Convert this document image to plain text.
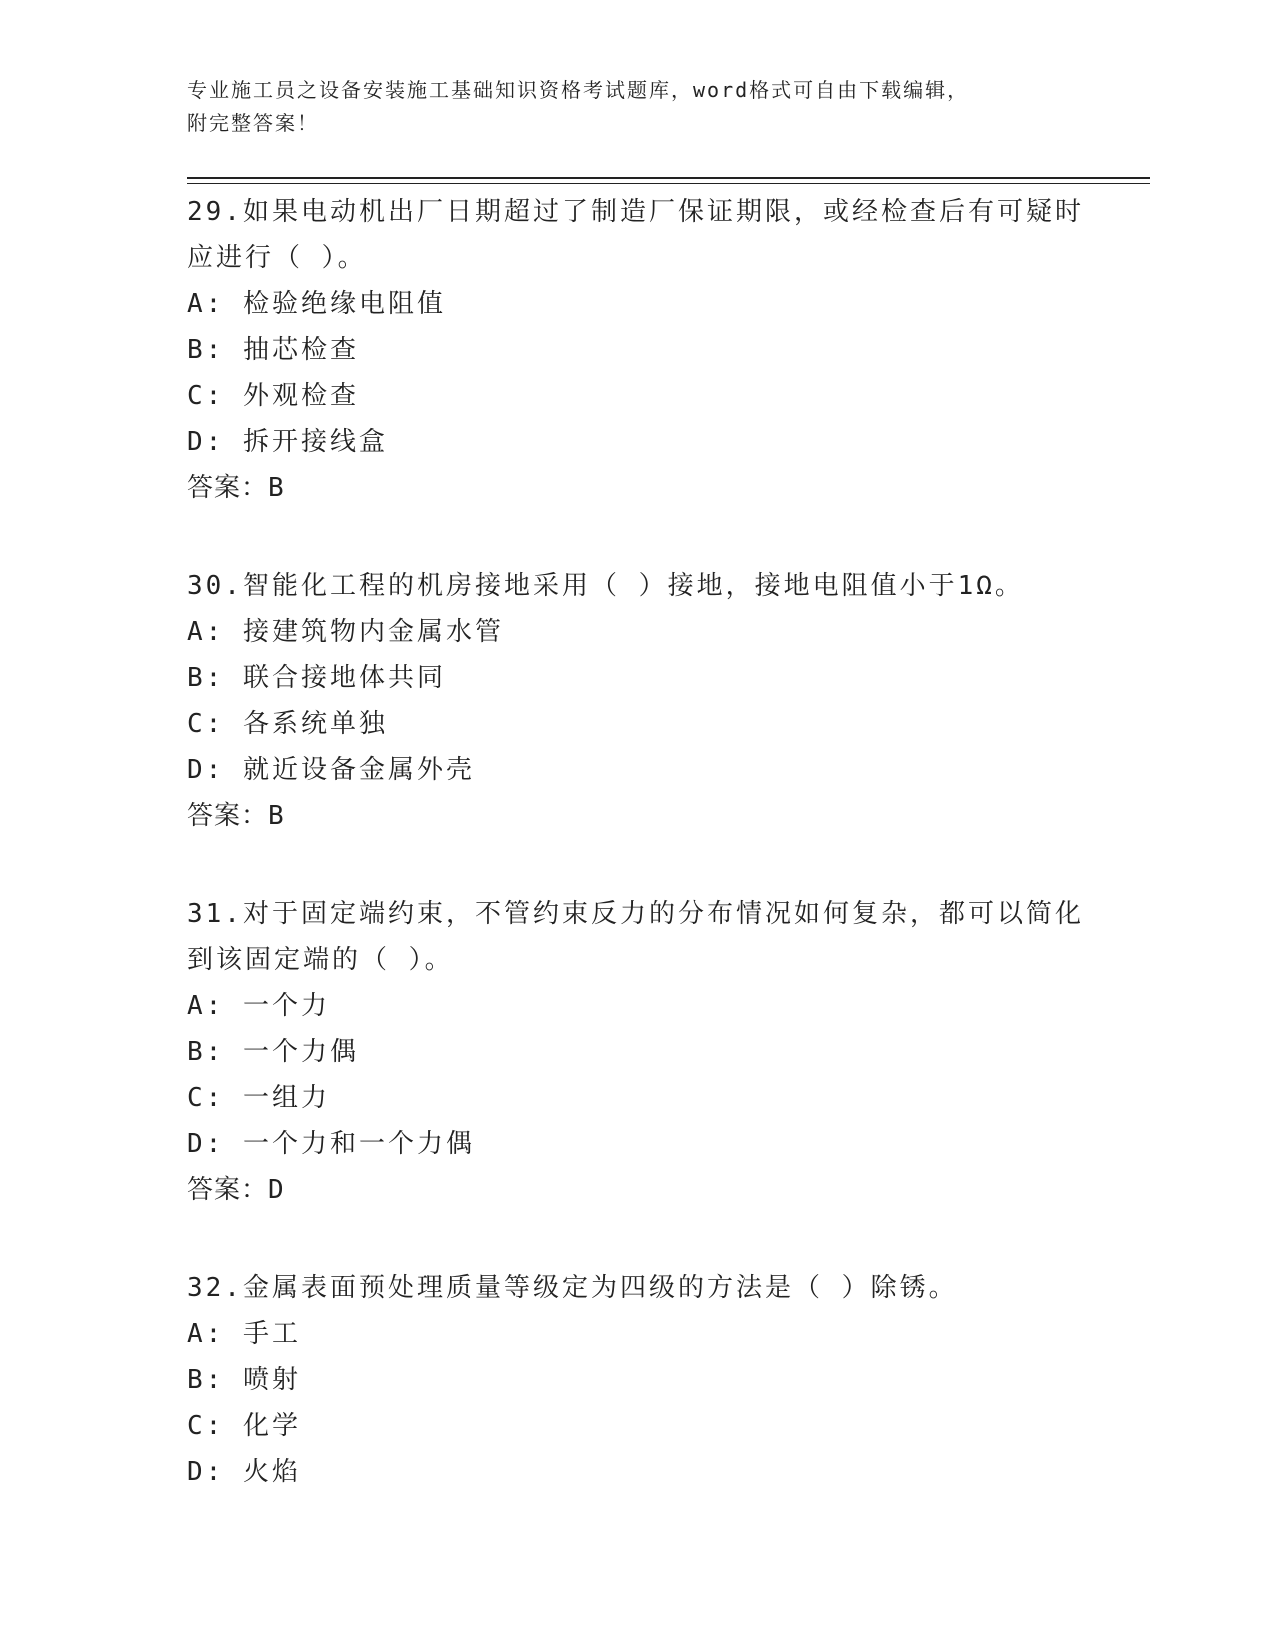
专业施工员之设备安装施工基础知识资格考试题库，word格式可自由下载编辑，
附完整答案！
29.如果电动机出厂日期超过了制造厂保证期限，或经检查后有可疑时应进行（ ）。
A: 检验绝缘电阻值
B: 抽芯检查
C: 外观检查
D: 拆开接线盒
答案：B
30.智能化工程的机房接地采用（ ）接地，接地电阻值小于1Ω。
A: 接建筑物内金属水管
B: 联合接地体共同
C: 各系统单独
D: 就近设备金属外壳
答案：B
31.对于固定端约束，不管约束反力的分布情况如何复杂，都可以简化到该固定端的（ ）。
A: 一个力
B: 一个力偶
C: 一组力
D: 一个力和一个力偶
答案：D
32.金属表面预处理质量等级定为四级的方法是（ ）除锈。
A: 手工
B: 喷射
C: 化学
D: 火焰
